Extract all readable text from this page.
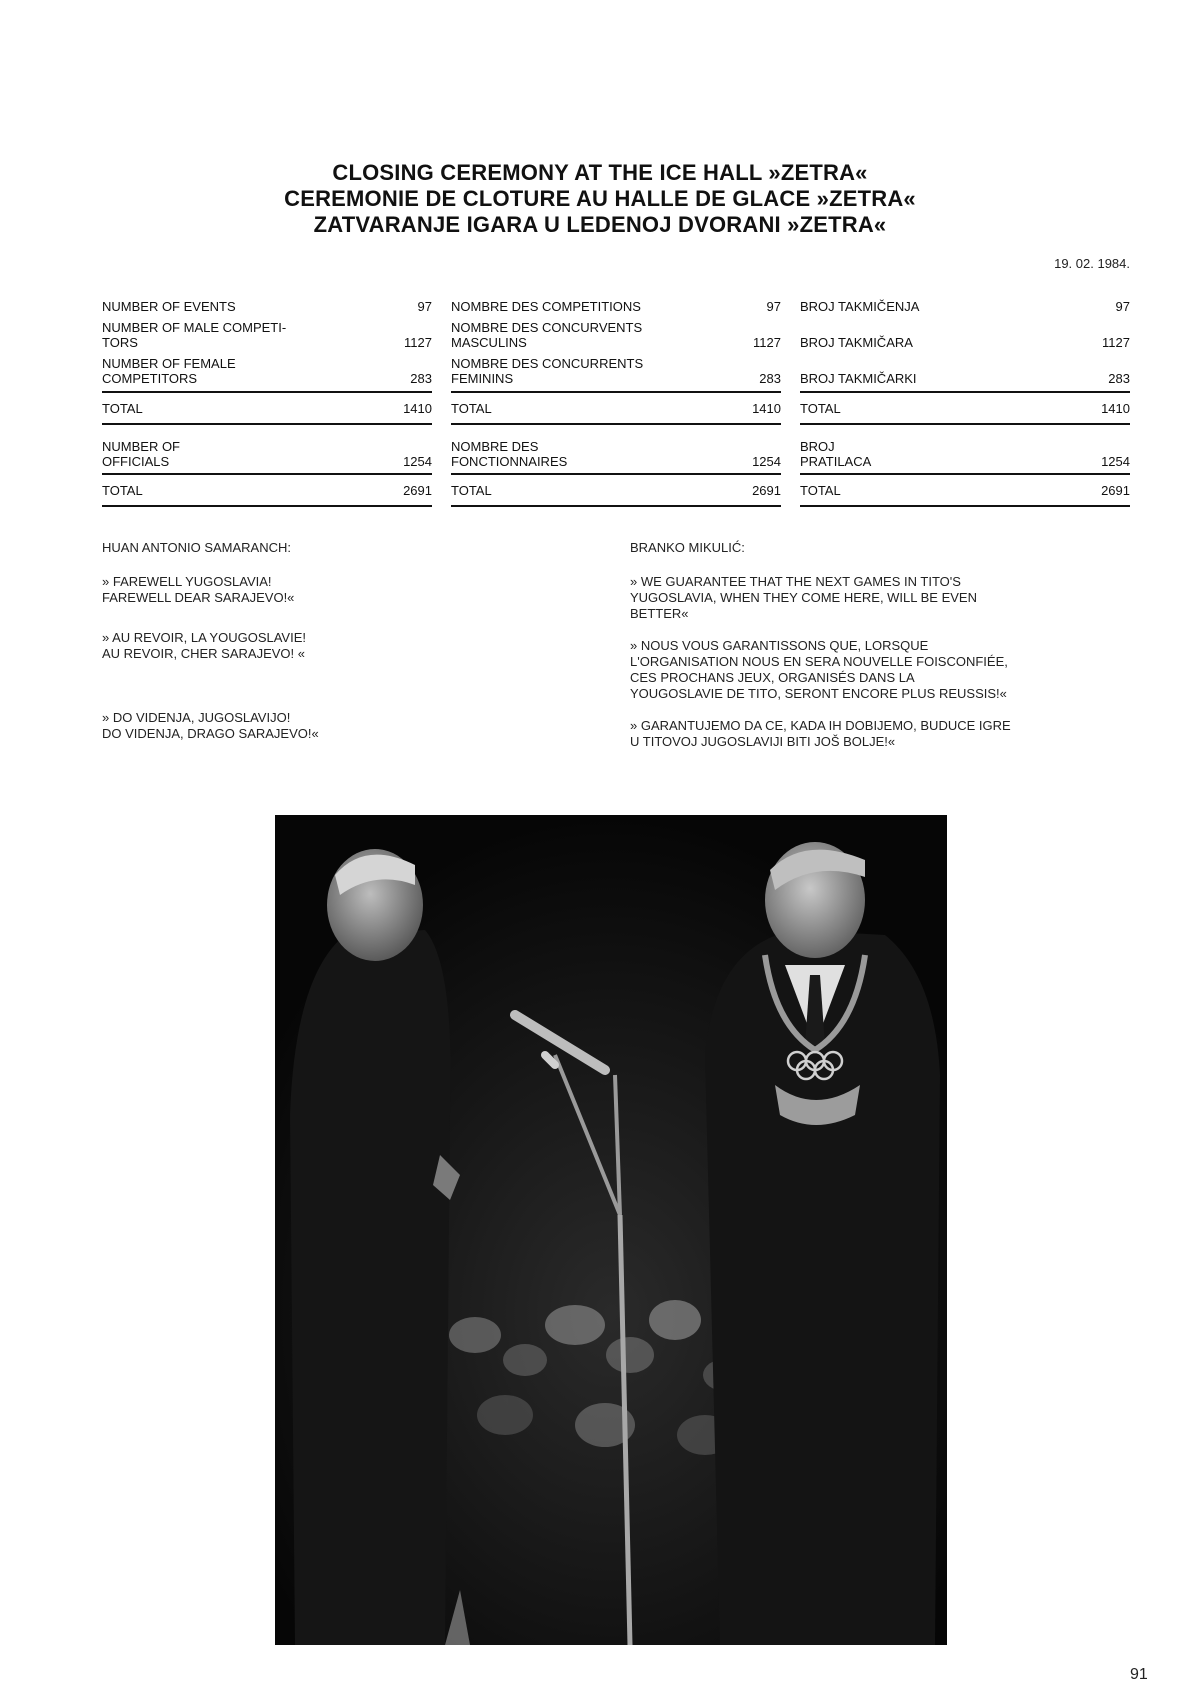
CLOSING CEREMONY AT THE ICE HALL »ZETRA«
CEREMONIE DE CLOTURE AU HALLE DE GLACE »ZETRA«
ZATVARANJE IGARA U LEDENOJ DVORANI »ZETRA«
19. 02. 1984.
NUMBER OF EVENTS	97
NUMBER OF MALE COMPETI-
TORS	1127
NUMBER OF FEMALE
COMPETITORS	283
TOTAL	1410
NUMBER OF
OFFICIALS	1254
TOTAL	2691
NOMBRE DES COMPETITIONS	97
NOMBRE DES CONCURVENTS
MASCULINS	1127
NOMBRE DES CONCURRENTS
FEMININS	283
TOTAL	1410
NOMBRE DES
FONCTIONNAIRES	1254
TOTAL	2691
BROJ TAKMIČENJA	97
BROJ TAKMIČARA	1127
BROJ TAKMIČARKI	283
TOTAL	1410
BROJ
PRATILACA	1254
TOTAL	2691
HUAN ANTONIO SAMARANCH:

» FAREWELL YUGOSLAVIA!
FAREWELL DEAR SARAJEVO!«

» AU REVOIR, LA YOUGOSLAVIE!
AU REVOIR, CHER SARAJEVO! «

» DO VIDENJA, JUGOSLAVIJO!
DO VIDENJA, DRAGO SARAJEVO!«

BRANKO MIKULIĆ:

» WE GUARANTEE THAT THE NEXT GAMES IN TITO'S
YUGOSLAVIA, WHEN THEY COME HERE, WILL BE EVEN
BETTER«

» NOUS VOUS GARANTISSONS QUE, LORSQUE
L'ORGANISATION NOUS EN SERA NOUVELLE FOISCONFIÉE,
CES PROCHANS JEUX, ORGANISÉS DANS LA
YOUGOSLAVIE DE TITO, SERONT ENCORE PLUS REUSSIS!«

» GARANTUJEMO DA CE, KADA IH DOBIJEMO, BUDUCE IGRE
U TITOVOJ JUGOSLAVIJI BITI JOŠ BOLJE!«

91
